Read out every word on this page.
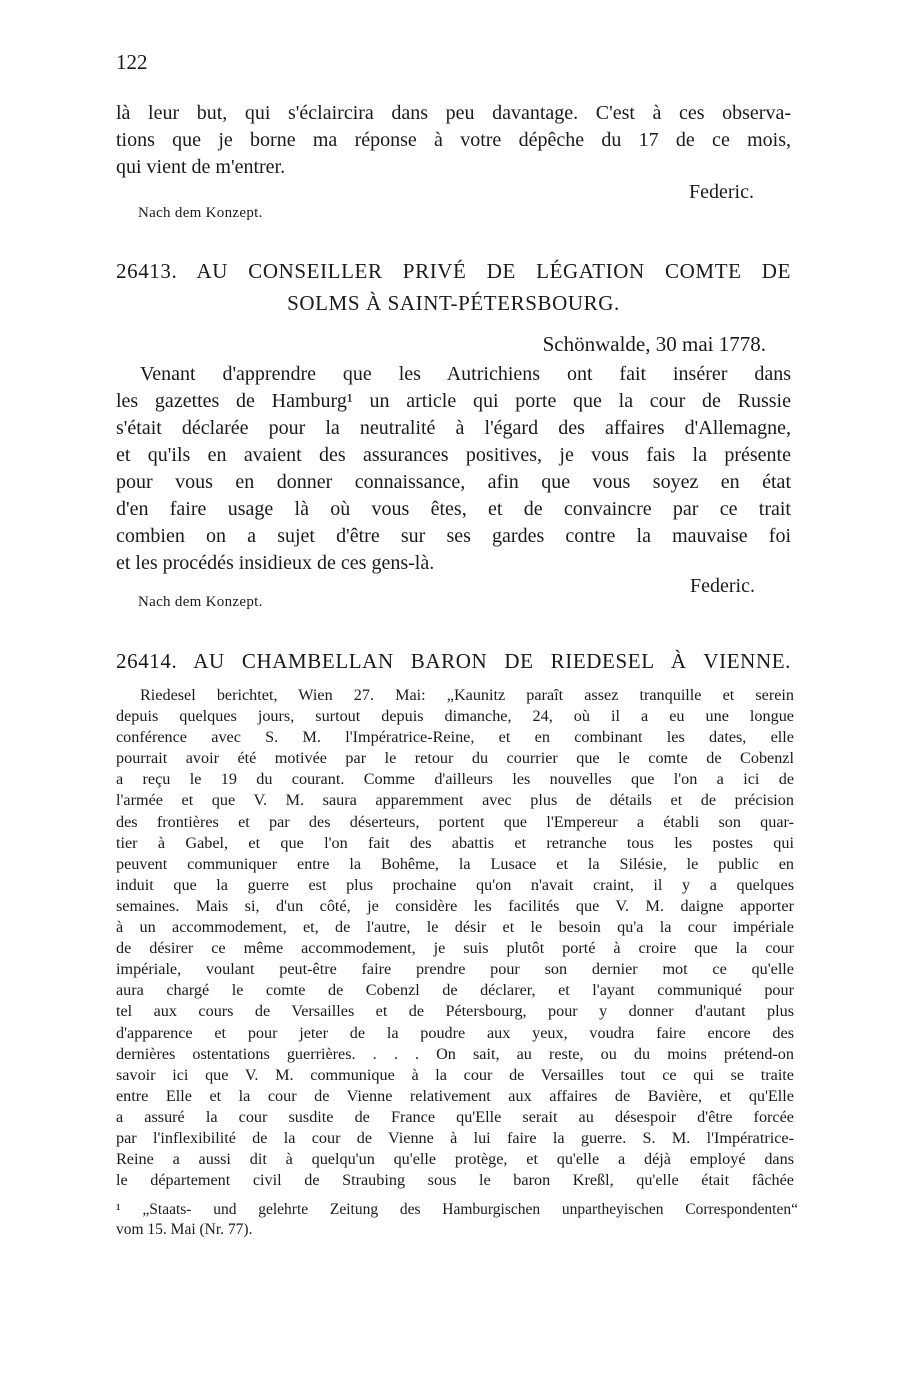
122
là leur but, qui s'éclaircira dans peu davantage. C'est à ces observa-
tions que je borne ma réponse à votre dépêche du 17 de ce mois,
qui vient de m'entrer.
Federic.
Nach dem Konzept.
26413. AU CONSEILLER PRIVÉ DE LÉGATION COMTE DE
SOLMS À SAINT-PÉTERSBOURG.
Schönwalde, 30 mai 1778.
Venant d'apprendre que les Autrichiens ont fait insérer dans
les gazettes de Hamburg¹ un article qui porte que la cour de Russie
s'était déclarée pour la neutralité à l'égard des affaires d'Allemagne,
et qu'ils en avaient des assurances positives, je vous fais la présente
pour vous en donner connaissance, afin que vous soyez en état
d'en faire usage là où vous êtes, et de convaincre par ce trait
combien on a sujet d'être sur ses gardes contre la mauvaise foi
et les procédés insidieux de ces gens-là.
Federic.
Nach dem Konzept.
26414. AU CHAMBELLAN BARON DE RIEDESEL À VIENNE.
Riedesel berichtet, Wien 27. Mai: „Kaunitz paraît assez tranquille et serein
depuis quelques jours, surtout depuis dimanche, 24, où il a eu une longue
conférence avec S. M. l'Impératrice-Reine, et en combinant les dates, elle
pourrait avoir été motivée par le retour du courrier que le comte de Cobenzl
a reçu le 19 du courant. Comme d'ailleurs les nouvelles que l'on a ici de
l'armée et que V. M. saura apparemment avec plus de détails et de précision
des frontières et par des déserteurs, portent que l'Empereur a établi son quar-
tier à Gabel, et que l'on fait des abattis et retranche tous les postes qui
peuvent communiquer entre la Bohême, la Lusace et la Silésie, le public en
induit que la guerre est plus prochaine qu'on n'avait craint, il y a quelques
semaines. Mais si, d'un côté, je considère les facilités que V. M. daigne apporter
à un accommodement, et, de l'autre, le désir et le besoin qu'a la cour impériale
de désirer ce même accommodement, je suis plutôt porté à croire que la cour
impériale, voulant peut-être faire prendre pour son dernier mot ce qu'elle
aura chargé le comte de Cobenzl de déclarer, et l'ayant communiqué pour
tel aux cours de Versailles et de Pétersbourg, pour y donner d'autant plus
d'apparence et pour jeter de la poudre aux yeux, voudra faire encore des
dernières ostentations guerrières. . . . On sait, au reste, ou du moins prétend-on
savoir ici que V. M. communique à la cour de Versailles tout ce qui se traite
entre Elle et la cour de Vienne relativement aux affaires de Bavière, et qu'Elle
a assuré la cour susdite de France qu'Elle serait au désespoir d'être forcée
par l'inflexibilité de la cour de Vienne à lui faire la guerre. S. M. l'Impératrice-
Reine a aussi dit à quelqu'un qu'elle protège, et qu'elle a déjà employé dans
le département civil de Straubing sous le baron Kreßl, qu'elle était fâchée
¹ „Staats- und gelehrte Zeitung des Hamburgischen unpartheyischen Correspondenten“
vom 15. Mai (Nr. 77).
